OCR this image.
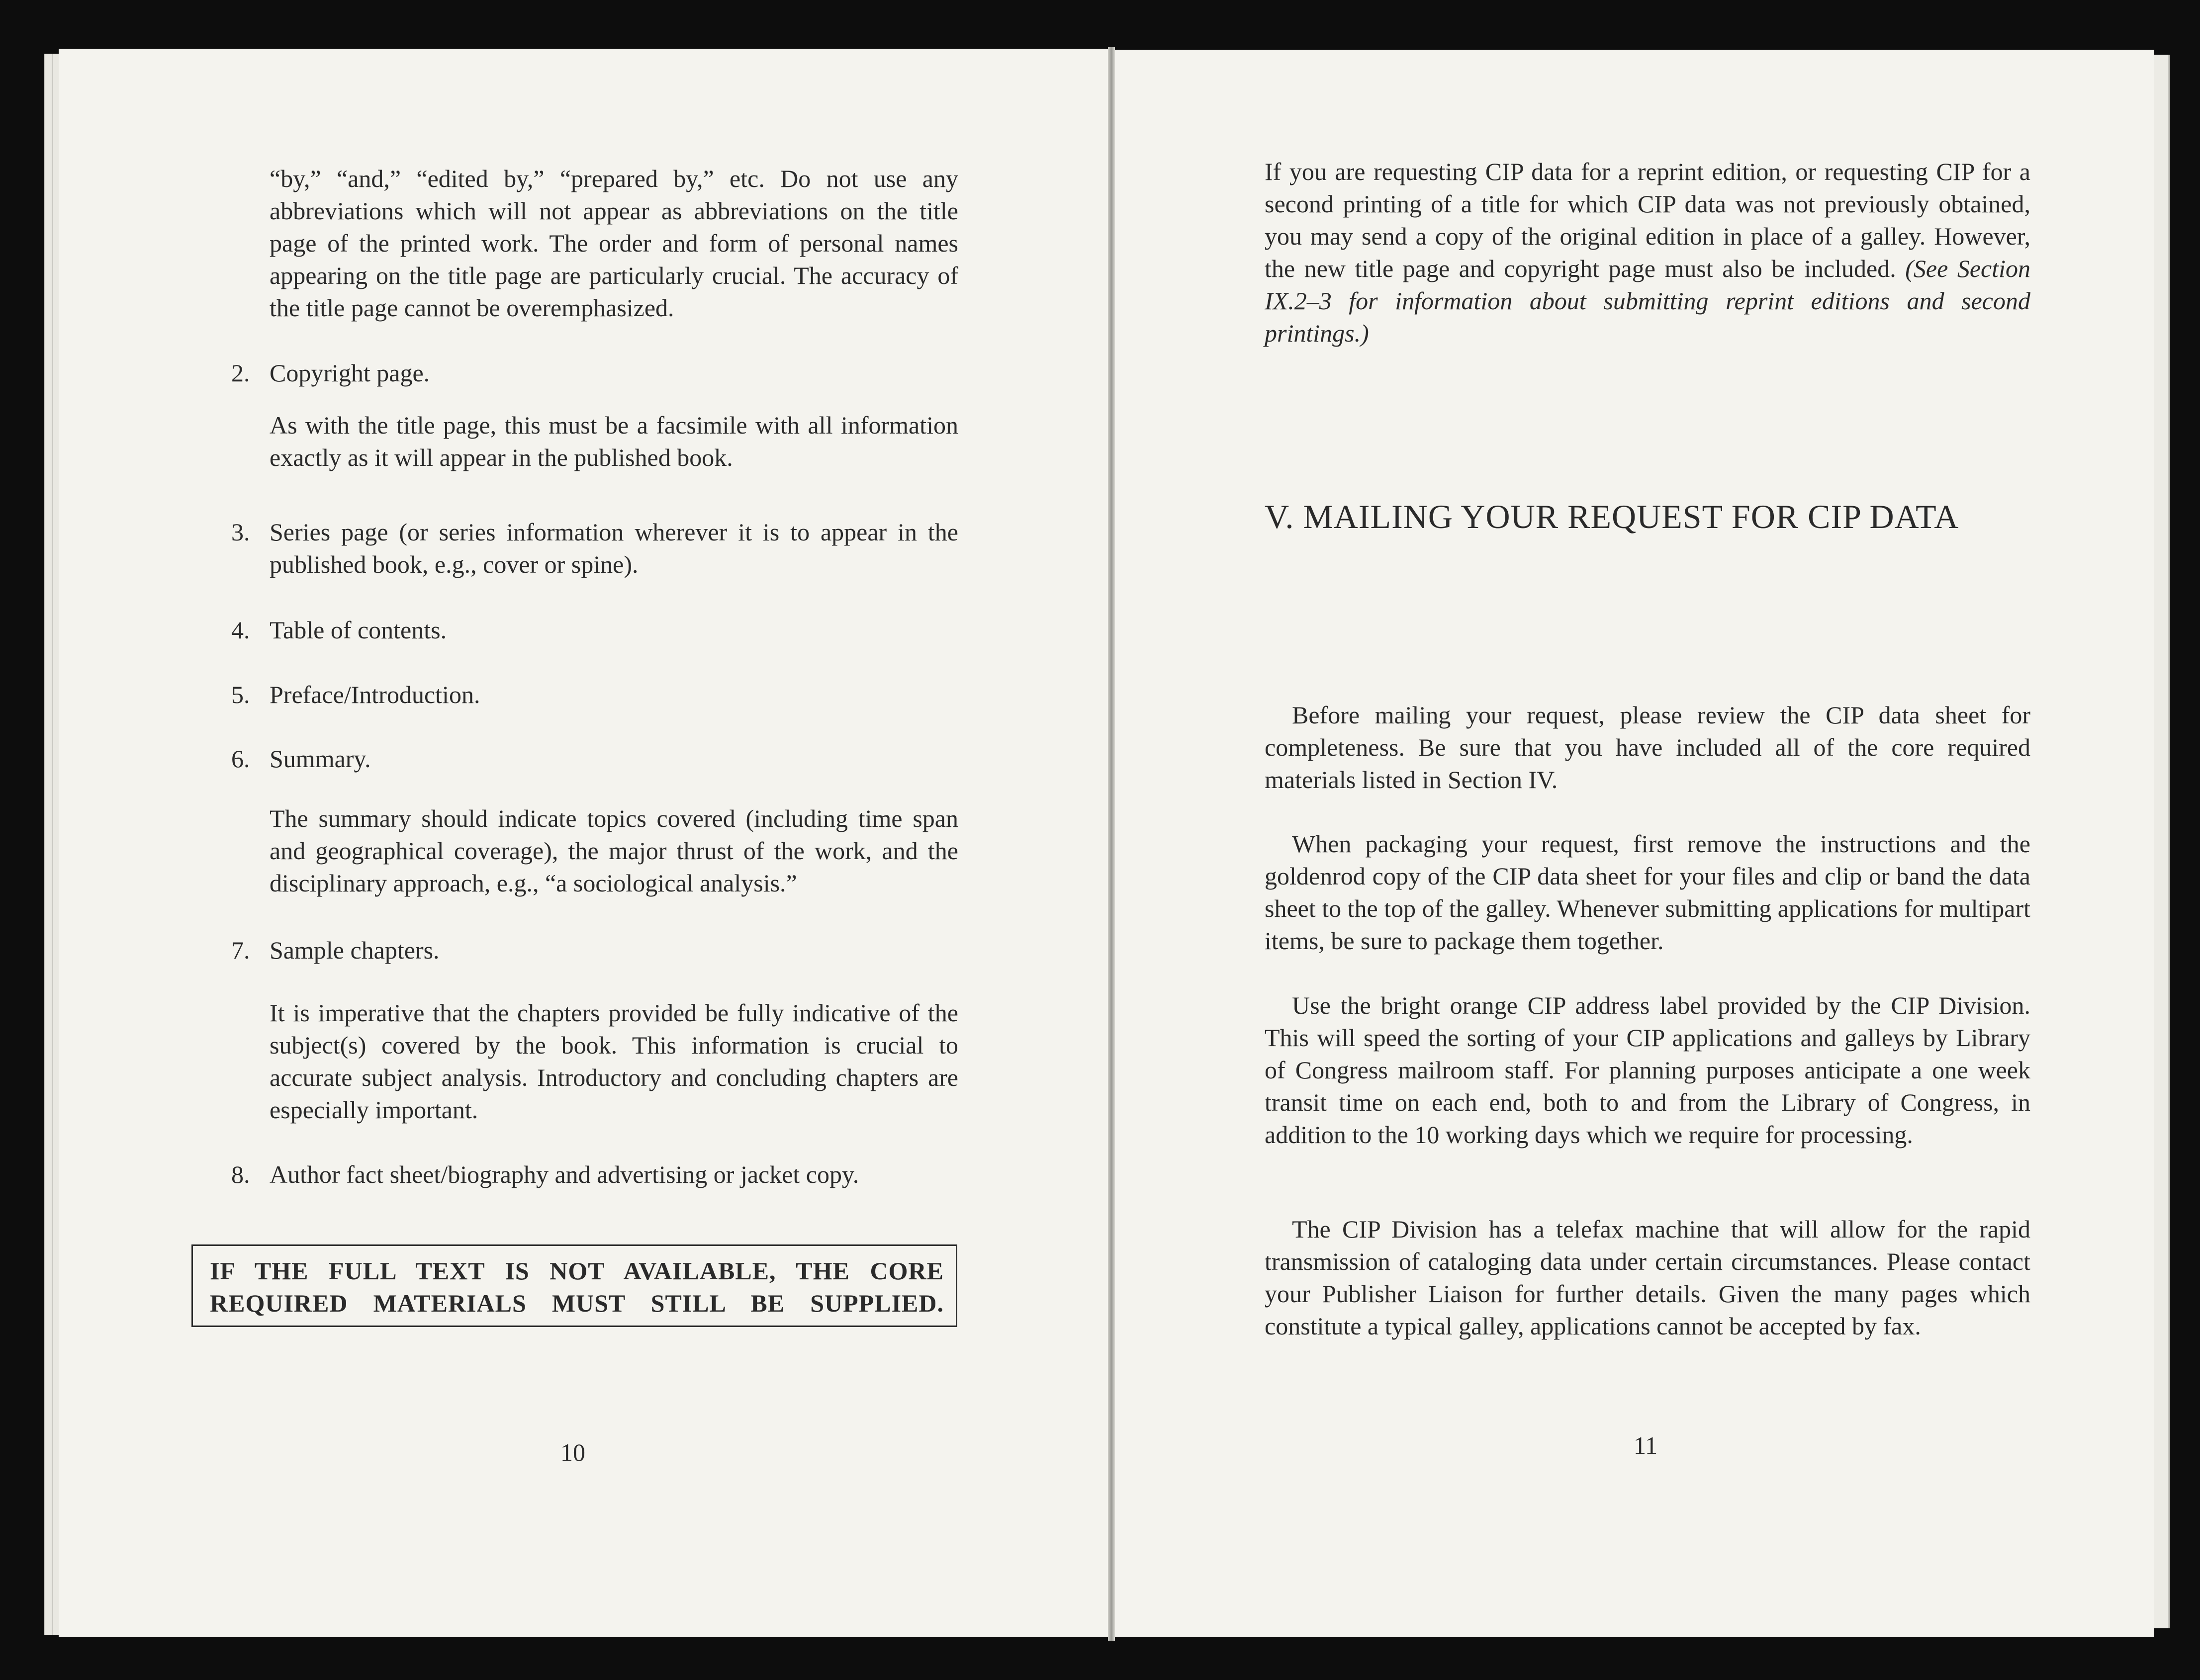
“by,” “and,” “edited by,” “prepared by,” etc. Do not use any abbreviations which will not appear as abbreviations on the title page of the printed work. The order and form of personal names appearing on the title page are particularly crucial. The accuracy of the title page cannot be overemphasized.

2. Copyright page.

As with the title page, this must be a facsimile with all information exactly as it will appear in the published book.

3. Series page (or series information wherever it is to appear in the published book, e.g., cover or spine).

4. Table of contents.
5. Preface/Introduction.
6. Summary.

The summary should indicate topics covered (including time span and geographical coverage), the major thrust of the work, and the disciplinary approach, e.g., “a sociological analysis.”

7. Sample chapters.

It is imperative that the chapters provided be fully indicative of the subject(s) covered by the book. This information is crucial to accurate subject analysis. Introductory and concluding chapters are especially important.

8. Author fact sheet/biography and advertising or jacket copy.
IF THE FULL TEXT IS NOT AVAILABLE, THE CORE REQUIRED MATERIALS MUST STILL BE SUPPLIED.
10

If you are requesting CIP data for a reprint edition, or requesting CIP for a second printing of a title for which CIP data was not previously obtained, you may send a copy of the original edition in place of a galley. However, the new title page and copyright page must also be included. (See Section IX.2–3 for information about submitting reprint editions and second printings.)

V. MAILING YOUR REQUEST FOR CIP DATA

Before mailing your request, please review the CIP data sheet for completeness. Be sure that you have included all of the core required materials listed in Section IV.

When packaging your request, first remove the instructions and the goldenrod copy of the CIP data sheet for your files and clip or band the data sheet to the top of the galley. Whenever submitting applications for multipart items, be sure to package them together.

Use the bright orange CIP address label provided by the CIP Division. This will speed the sorting of your CIP applications and galleys by Library of Congress mailroom staff. For planning purposes anticipate a one week transit time on each end, both to and from the Library of Congress, in addition to the 10 working days which we require for processing.

The CIP Division has a telefax machine that will allow for the rapid transmission of cataloging data under certain circumstances. Please contact your Publisher Liaison for further details. Given the many pages which constitute a typical galley, applications cannot be accepted by fax.

11
